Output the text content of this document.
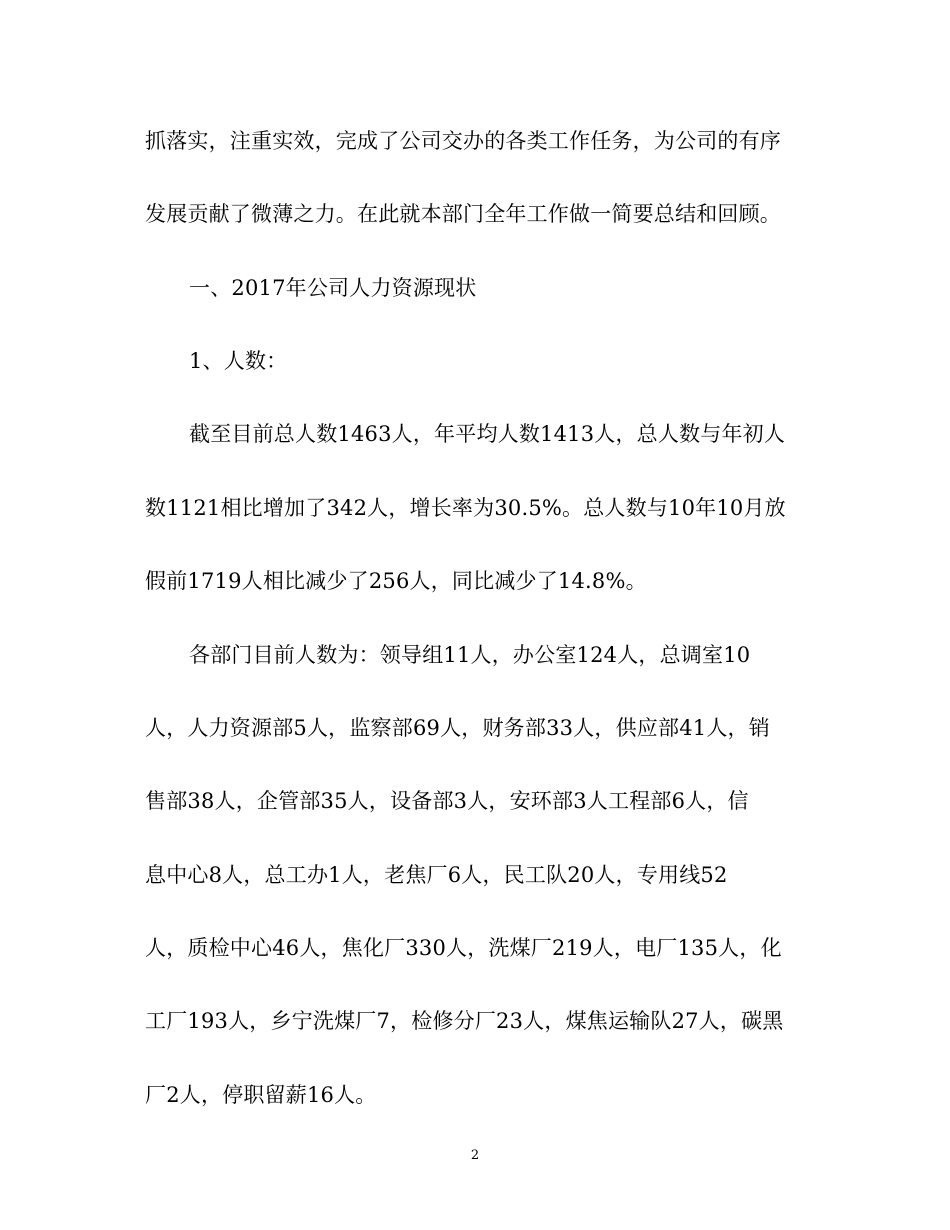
抓落实，注重实效，完成了公司交办的各类工作任务，为公司的有序
发展贡献了微薄之力。在此就本部门全年工作做一简要总结和回顾。
一、2017年公司人力资源现状
1、人数：
截至目前总人数1463人，年平均人数1413人，总人数与年初人
数1121相比增加了342人，增长率为30.5%。总人数与10年10月放
假前1719人相比减少了256人，同比减少了14.8%。
各部门目前人数为：领导组11人，办公室124人，总调室10
人，人力资源部5人，监察部69人，财务部33人，供应部41人，销
售部38人，企管部35人，设备部3人，安环部3人工程部6人，信
息中心8人，总工办1人，老焦厂6人，民工队20人，专用线52
人，质检中心46人，焦化厂330人，洗煤厂219人，电厂135人，化
工厂193人，乡宁洗煤厂7，检修分厂23人，煤焦运输队27人，碳黑
厂2人，停职留薪16人。
2
